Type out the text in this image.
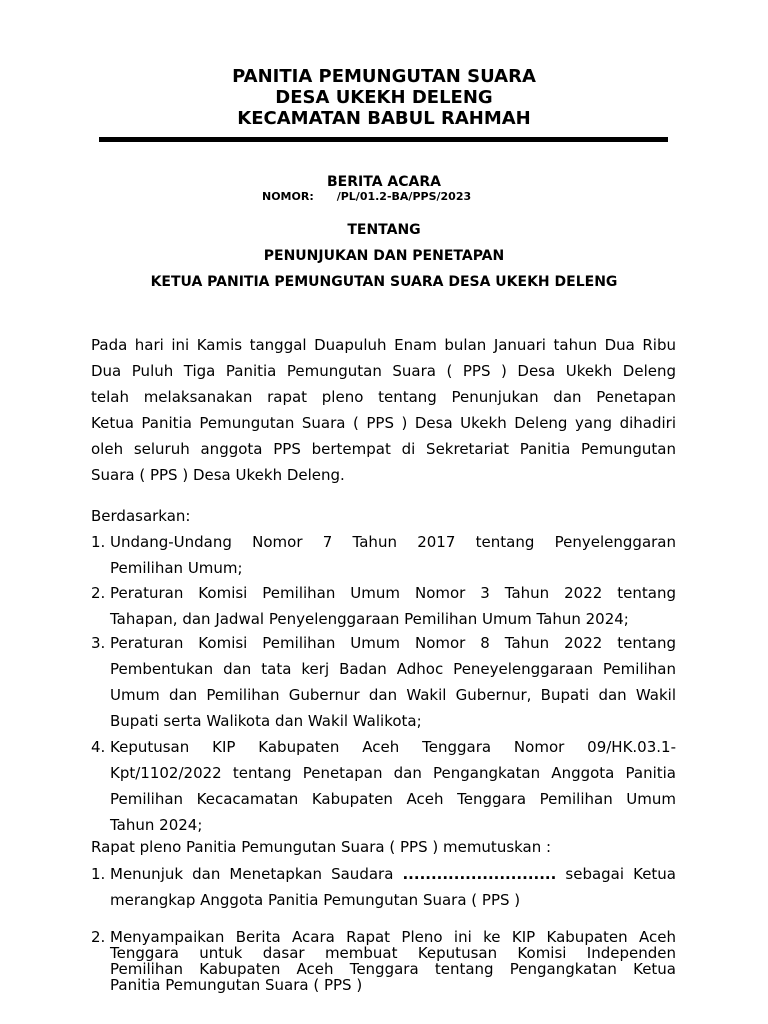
PANITIA PEMUNGUTAN SUARA
DESA UKEKH DELENG
KECAMATAN BABUL RAHMAH
BERITA ACARA
NOMOR: /PL/01.2-BA/PPS/2023
TENTANG
PENUNJUKAN DAN PENETAPAN
KETUA PANITIA PEMUNGUTAN SUARA DESA UKEKH DELENG
Pada hari ini Kamis tanggal Duapuluh Enam bulan Januari tahun Dua Ribu
Dua Puluh Tiga Panitia Pemungutan Suara ( PPS ) Desa Ukekh Deleng
telah melaksanakan rapat pleno tentang Penunjukan dan Penetapan
Ketua Panitia Pemungutan Suara ( PPS ) Desa Ukekh Deleng yang dihadiri
oleh seluruh anggota PPS bertempat di Sekretariat Panitia Pemungutan
Suara ( PPS ) Desa Ukekh Deleng.
Berdasarkan:
1. Undang-Undang Nomor 7 Tahun 2017 tentang Penyelenggaran
Pemilihan Umum;
2. Peraturan Komisi Pemilihan Umum Nomor 3 Tahun 2022 tentang
Tahapan, dan Jadwal Penyelenggaraan Pemilihan Umum Tahun 2024;
3. Peraturan Komisi Pemilihan Umum Nomor 8 Tahun 2022 tentang
Pembentukan dan tata kerj Badan Adhoc Peneyelenggaraan Pemilihan
Umum dan Pemilihan Gubernur dan Wakil Gubernur, Bupati dan Wakil
Bupati serta Walikota dan Wakil Walikota;
4. Keputusan KIP Kabupaten Aceh Tenggara Nomor 09/HK.03.1-
Kpt/1102/2022 tentang Penetapan dan Pengangkatan Anggota Panitia
Pemilihan Kecacamatan Kabupaten Aceh Tenggara Pemilihan Umum
Tahun 2024;
Rapat pleno Panitia Pemungutan Suara ( PPS ) memutuskan :
1. Menunjuk dan Menetapkan Saudara ........................... sebagai Ketua
merangkap Anggota Panitia Pemungutan Suara ( PPS )
2. Menyampaikan Berita Acara Rapat Pleno ini ke KIP Kabupaten Aceh
Tenggara untuk dasar membuat Keputusan Komisi Independen
Pemilihan Kabupaten Aceh Tenggara tentang Pengangkatan Ketua
Panitia Pemungutan Suara ( PPS )
